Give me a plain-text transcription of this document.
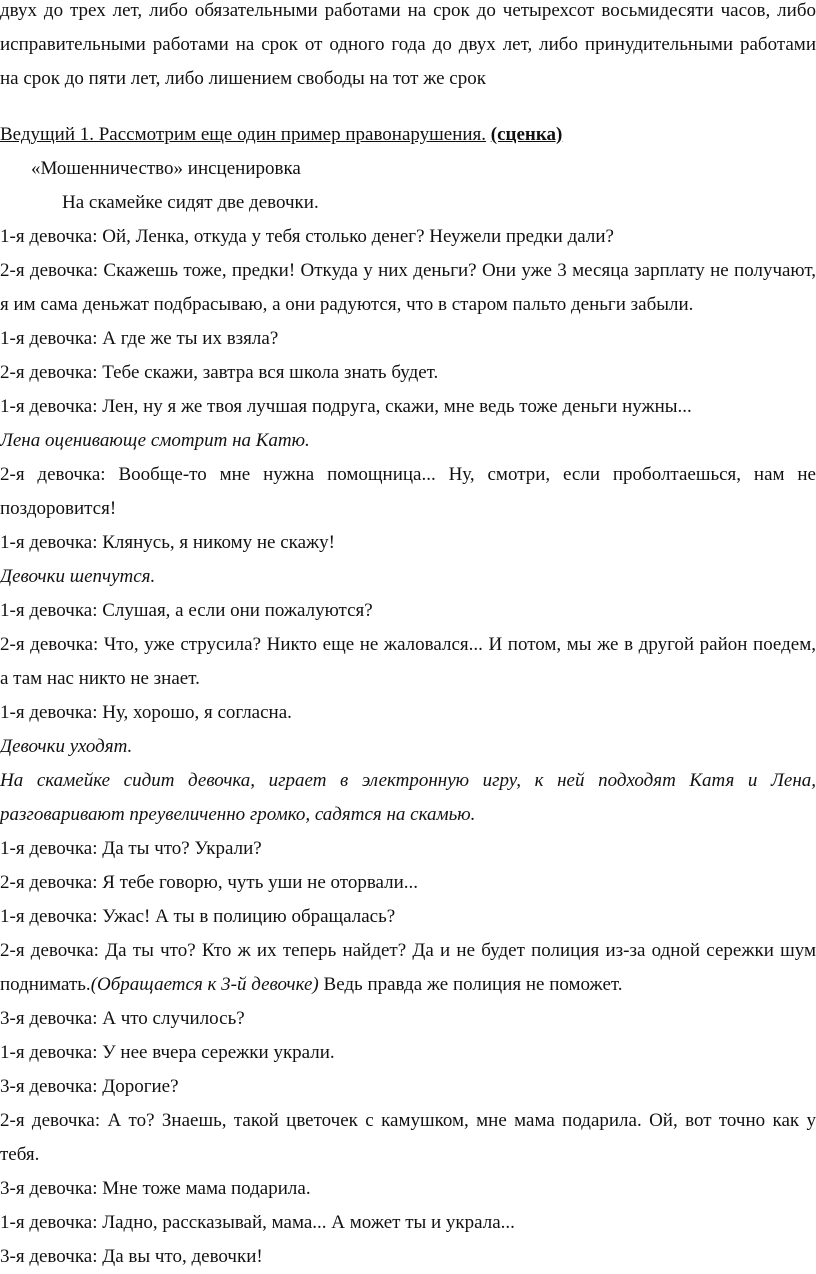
двух до трех лет, либо обязательными работами на срок до четырехсот восьмидесяти часов, либо
исправительными работами на срок от одного года до двух лет, либо принудительными работами
на срок до пяти лет, либо лишением свободы на тот же срок
Ведущий 1. Рассмотрим еще один пример правонарушения. (сценка)
«Мошенничество» инсценировка
На скамейке сидят две девочки.
1-я девочка: Ой, Ленка, откуда у тебя столько денег? Неужели предки дали?
2-я девочка: Скажешь тоже, предки! Откуда у них деньги? Они уже 3 месяца зарплату не получают,
я им сама деньжат подбрасываю, а они радуются, что в старом пальто деньги забыли.
1-я девочка: А где же ты их взяла?
2-я девочка: Тебе скажи, завтра вся школа знать будет.
1-я девочка: Лен, ну я же твоя лучшая подруга, скажи, мне ведь тоже деньги нужны...
Лена оценивающе смотрит на Катю.
2-я девочка: Вообще-то мне нужна помощница... Ну, смотри, если проболтаешься, нам не
поздоровится!
1-я девочка: Клянусь, я никому не скажу!
Девочки шепчутся.
1-я девочка: Слушая, а если они пожалуются?
2-я девочка: Что, уже струсила? Никто еще не жаловался... И потом, мы же в другой район поедем,
а там нас никто не знает.
1-я девочка: Ну, хорошо, я согласна.
Девочки уходят.
На скамейке сидит девочка, играет в электронную игру, к ней подходят Катя и Лена,
разговаривают преувеличенно громко, садятся на скамью.
1-я девочка: Да ты что? Украли?
2-я девочка: Я тебе говорю, чуть уши не оторвали...
1-я девочка: Ужас! А ты в полицию обращалась?
2-я девочка: Да ты что? Кто ж их теперь найдет? Да и не будет полиция из-за одной сережки шум
поднимать.(Обращается к 3-й девочке) Ведь правда же полиция не поможет.
3-я девочка: А что случилось?
1-я девочка: У нее вчера сережки украли.
3-я девочка: Дорогие?
2-я девочка: А то? Знаешь, такой цветочек с камушком, мне мама подарила. Ой, вот точно как у
тебя.
3-я девочка: Мне тоже мама подарила.
1-я девочка: Ладно, рассказывай, мама... А может ты и украла...
3-я девочка: Да вы что, девочки!
